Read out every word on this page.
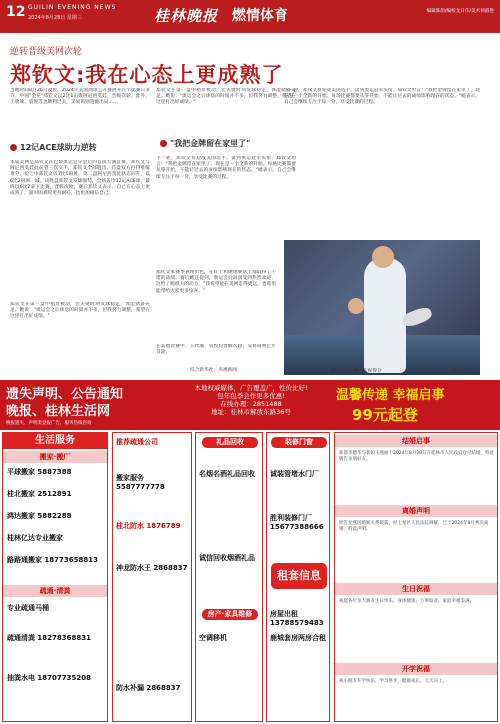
12 GUILIN EVENING NEWS
2024年8月28日 星期三	桂林晚报 燃情体育	编辑陈韵/编校龙日伟/美术何淑艳
逆转晋级美网次轮
郑钦文:我在心态上更成熟了
当地时间8月26日凌晨，2024年美国网球公开赛展开首个比赛日争夺。中国"金花"郑钦文以2比1击败阿尼西莫娃，晋级次轮。此外，王欣瑜、袁悦等也顺利过关，吴易昺则遗憾出局……
12记ACE球助力逆转
本届美网是郑钦文在巴黎奥运会夺金后的首项大满贯赛。郑钦文与阿尼西莫娃此前曾三次交手，郑钦文全部胜出。首盘双方打得难解难分，抢七中郑钦文以7比5取胜。第二盘阿尼西莫娃状态回升，以6比2扳回一城。决胜盘郑钦文发球强势，全场轰出12记ACE球，最终以6比2拿下比赛，晋级次轮。赛后郑钦文表示，自己在心态上更成熟了，面对困难时更有耐心，也更加相信自己。
郑钦文在第一盘中稍显被动，但关键时刻发球稳定，体能储备充足。她说："奥运会之后休息的时间并不多，但我努力调整，希望在这里打出好成绩。"
郑钦文在第一盘中稍显被动，但关键时刻发球稳定，体能储备充足。她说："奥运会之后休息的时间并不多，但我努力调整，希望在这里打出好成绩。"
"我把金牌留在家里了"
下一轮，郑钦文将迎战美国选手。谈到奥运冠军头衔，郑钦文坦言："我把金牌留在家里了，现在是一个全新的开始。每场比赛都要从零开始，不能让过去的成绩影响现在的状态。"她表示，自己会继续专注于每一分，享受比赛的过程。
郑钦文本赛季表现出色，在红土和硬地赛场上都取得了不错的战绩。赛后她还提到，奥运会后回国受到热烈欢迎，这给了她很大的动力。"我希望能在美网走得更远，也希望能带给大家更多惊喜。"
在其他比赛中，王欣瑜、袁悦均晋级次轮，吴易昺则止步首轮。
综合新华社、央视新闻
下一轮，郑钦文将迎战美国选手。谈到奥运冠军头衔，郑钦文坦言："我把金牌留在家里了，现在是一个全新的开始。每场比赛都要从零开始，不能让过去的成绩影响现在的状态。"她表示，自己会继续专注于每一分，享受比赛的过程。
郑钦文在比赛中庆祝得分	新华社发
遗失声明、公告通知
晚报、桂林生活网
晚报遗失、声明类登报广告，服务热线咨询
本地权威媒体，广告覆盖广，性价比好!
包年包季会作更多优惠!
在线办理：2851488
地址：桂林市解放东路36号
温馨传递 幸福启事
99元起登
生活服务
搬家·搬厂
平球搬家 5887388
桂北搬家 2512891
鸿达搬家 5882288
桂林亿达专业搬家
路路通搬家 18773658813
疏通·清粪
专业疏通马桶
疏通清粪 18278368831
抽粪水电 18707735208
推荐疏通公司
搬家服务 5587777778
桂北防水 1876789
神龙防水王 2868837
防水补漏 2868837
礼品回收
名烟名酒礼品回收
诚信回收烟酒礼品
房产·家具维修
空调移机
装修门窗
诚装管堵水门厂
胜利装修门厂 15677388666
租套信息
房屋出租 13788579483
鹿城套房两房合租
结婚启事
新郎李德华与新娘王燕丽于2024年8月28日在桂林市人民政府登记结婚，特此敬告亲朋好友。
离婚声明
原告龙燕因婚姻关系破裂，经七星区人民法院调解，已于2024年8月判决离婚，特此声明。
生日祝福
祝愿各位亲人朋友生日快乐，身体健康，万事如意，家庭幸福美满。
开学祝福
祝小朋友开学快乐，学习进步，健康成长，天天向上。
